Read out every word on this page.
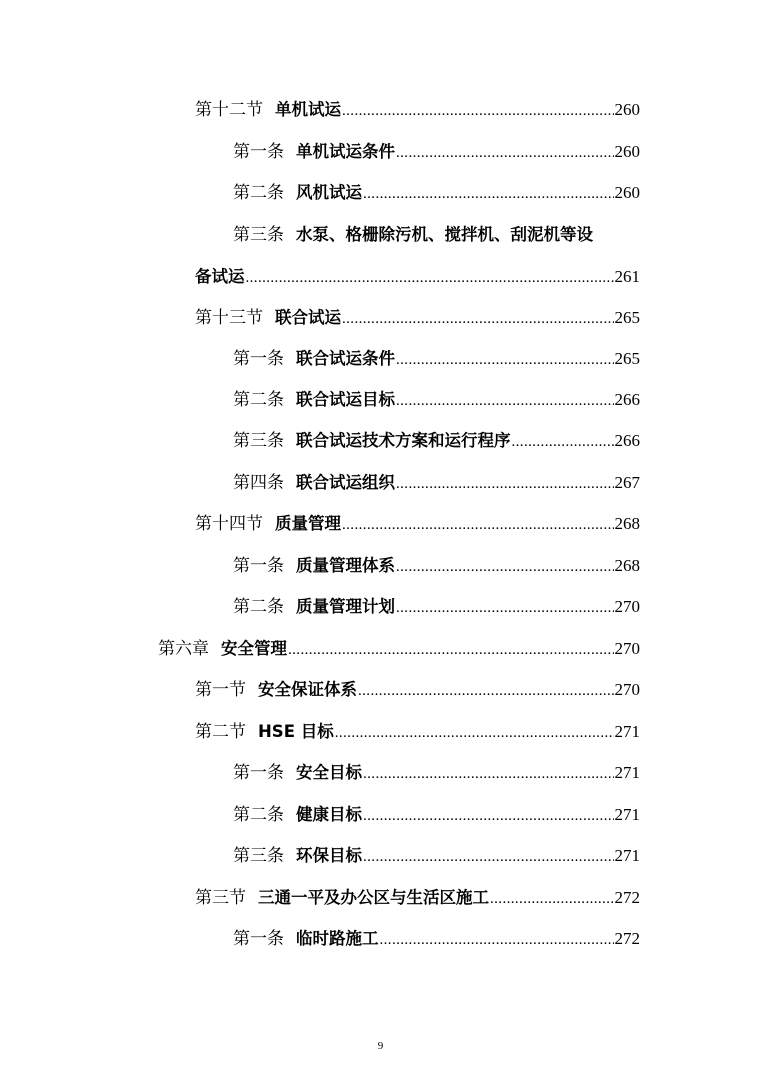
第十二节 单机试运 .....	260
第一条 单机试运条件 .....	260
第二条 风机试运 .....	260
第三条 水泵、格栅除污机、搅拌机、刮泥机等设
备试运 .....	261
第十三节 联合试运 .....	265
第一条 联合试运条件 .....	265
第二条 联合试运目标 .....	266
第三条 联合试运技术方案和运行程序 .....	266
第四条 联合试运组织 .....	267
第十四节 质量管理 .....	268
第一条 质量管理体系 .....	268
第二条 质量管理计划 .....	270
第六章 安全管理 .....	270
第一节 安全保证体系 .....	270
第二节 HSE 目标 .....	271
第一条 安全目标 .....	271
第二条 健康目标 .....	271
第三条 环保目标 .....	271
第三节 三通一平及办公区与生活区施工 .....	272
第一条 临时路施工 .....	272
9
